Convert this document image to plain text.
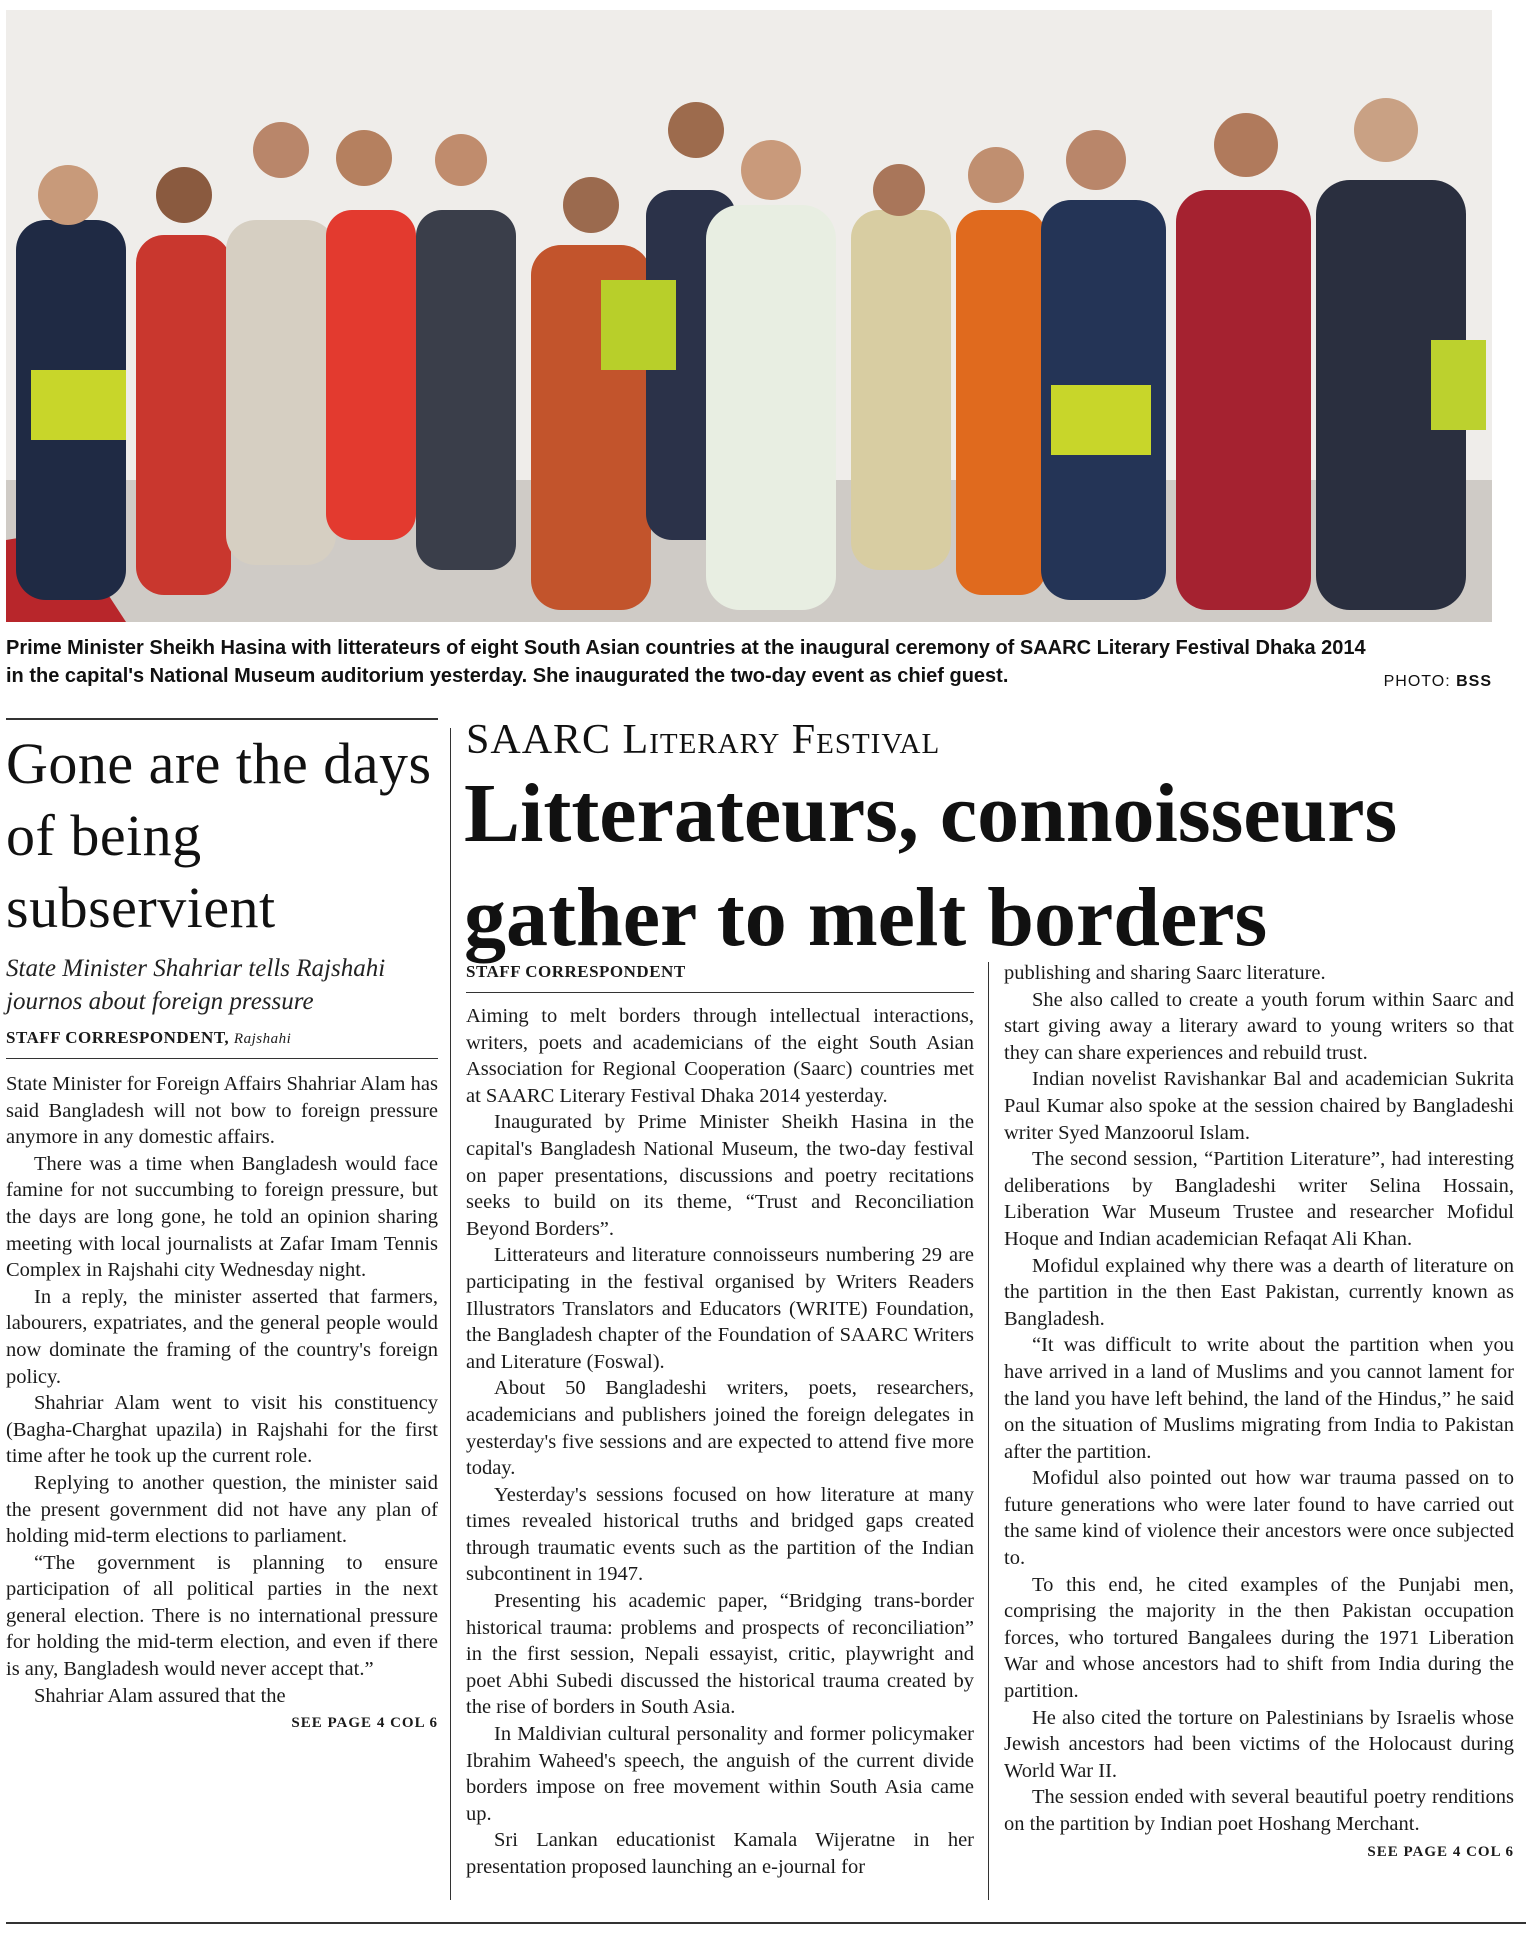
Prime Minister Sheikh Hasina with litterateurs of eight South Asian countries at the inaugural ceremony of SAARC Literary Festival Dhaka 2014
in the capital's National Museum auditorium yesterday. She inaugurated the two-day event as chief guest.	PHOTO: BSS
Gone are the days of being subservient
State Minister Shahriar tells Rajshahi journos about foreign pressure
STAFF CORRESPONDENT, Rajshahi

State Minister for Foreign Affairs Shahriar Alam has said Bangladesh will not bow to foreign pressure anymore in any domestic affairs.

There was a time when Bangladesh would face famine for not succumbing to foreign pressure, but the days are long gone, he told an opinion sharing meeting with local journalists at Zafar Imam Tennis Complex in Rajshahi city Wednesday night.

In a reply, the minister asserted that farmers, labourers, expatriates, and the general people would now dominate the framing of the country's foreign policy.

Shahriar Alam went to visit his constituency (Bagha-Charghat upazila) in Rajshahi for the first time after he took up the current role.

Replying to another question, the minister said the present government did not have any plan of holding mid-term elections to parliament.

“The government is planning to ensure participation of all political parties in the next general election. There is no international pressure for holding the mid-term election, and even if there is any, Bangladesh would never accept that.”

Shahriar Alam assured that the

SEE PAGE 4 COL 6
SAARC Literary Festival
Litterateurs, connoisseurs gather to melt borders
STAFF CORRESPONDENT

Aiming to melt borders through intellectual interactions, writers, poets and academicians of the eight South Asian Association for Regional Cooperation (Saarc) countries met at SAARC Literary Festival Dhaka 2014 yesterday.

Inaugurated by Prime Minister Sheikh Hasina in the capital's Bangladesh National Museum, the two-day festival on paper presentations, discussions and poetry recitations seeks to build on its theme, “Trust and Reconciliation Beyond Borders”.

Litterateurs and literature connoisseurs numbering 29 are participating in the festival organised by Writers Readers Illustrators Translators and Educators (WRITE) Foundation, the Bangladesh chapter of the Foundation of SAARC Writers and Literature (Foswal).

About 50 Bangladeshi writers, poets, researchers, academicians and publishers joined the foreign delegates in yesterday's five sessions and are expected to attend five more today.

Yesterday's sessions focused on how literature at many times revealed historical truths and bridged gaps created through traumatic events such as the partition of the Indian subcontinent in 1947.

Presenting his academic paper, “Bridging trans-border historical trauma: problems and prospects of reconciliation” in the first session, Nepali essayist, critic, playwright and poet Abhi Subedi discussed the historical trauma created by the rise of borders in South Asia.

In Maldivian cultural personality and former policymaker Ibrahim Waheed's speech, the anguish of the current divide borders impose on free movement within South Asia came up.

Sri Lankan educationist Kamala Wijeratne in her presentation proposed launching an e-journal for

publishing and sharing Saarc literature.

She also called to create a youth forum within Saarc and start giving away a literary award to young writers so that they can share experiences and rebuild trust.

Indian novelist Ravishankar Bal and academician Sukrita Paul Kumar also spoke at the session chaired by Bangladeshi writer Syed Manzoorul Islam.

The second session, “Partition Literature”, had interesting deliberations by Bangladeshi writer Selina Hossain, Liberation War Museum Trustee and researcher Mofidul Hoque and Indian academician Refaqat Ali Khan.

Mofidul explained why there was a dearth of literature on the partition in the then East Pakistan, currently known as Bangladesh.

“It was difficult to write about the partition when you have arrived in a land of Muslims and you cannot lament for the land you have left behind, the land of the Hindus,” he said on the situation of Muslims migrating from India to Pakistan after the partition.

Mofidul also pointed out how war trauma passed on to future generations who were later found to have carried out the same kind of violence their ancestors were once subjected to.

To this end, he cited examples of the Punjabi men, comprising the majority in the then Pakistan occupation forces, who tortured Bangalees during the 1971 Liberation War and whose ancestors had to shift from India during the partition.

He also cited the torture on Palestinians by Israelis whose Jewish ancestors had been victims of the Holocaust during World War II.

The session ended with several beautiful poetry renditions on the partition by Indian poet Hoshang Merchant.

SEE PAGE 4 COL 6
